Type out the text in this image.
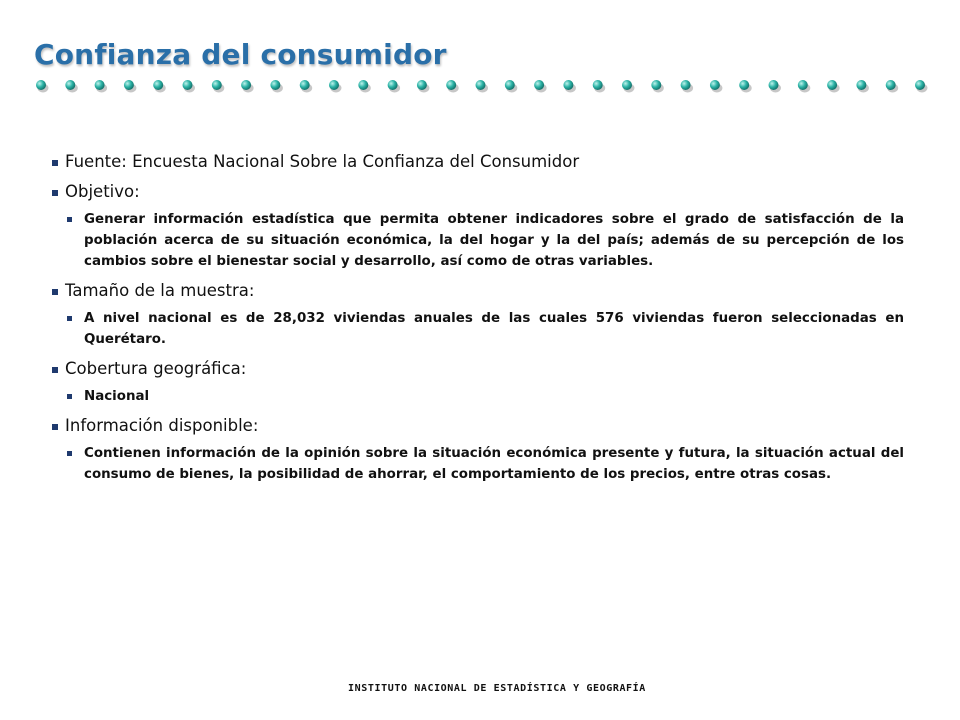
Confianza del consumidor
Fuente: Encuesta Nacional Sobre la Confianza del Consumidor
Objetivo:
Generar información estadística que permita obtener indicadores sobre el grado de satisfacción de la población acerca de su situación económica, la del hogar y la del país; además de su percepción de los cambios sobre el bienestar social y desarrollo, así como de otras variables.
Tamaño de la muestra:
A nivel nacional es de 28,032 viviendas anuales de las cuales 576 viviendas fueron seleccionadas en Querétaro.
Cobertura geográfica:
Nacional
Información disponible:
Contienen información de la opinión sobre la situación económica presente y futura, la situación actual del consumo de bienes, la posibilidad de ahorrar, el comportamiento de los precios, entre otras cosas.
INSTITUTO NACIONAL DE ESTADÍSTICA Y GEOGRAFÍA
